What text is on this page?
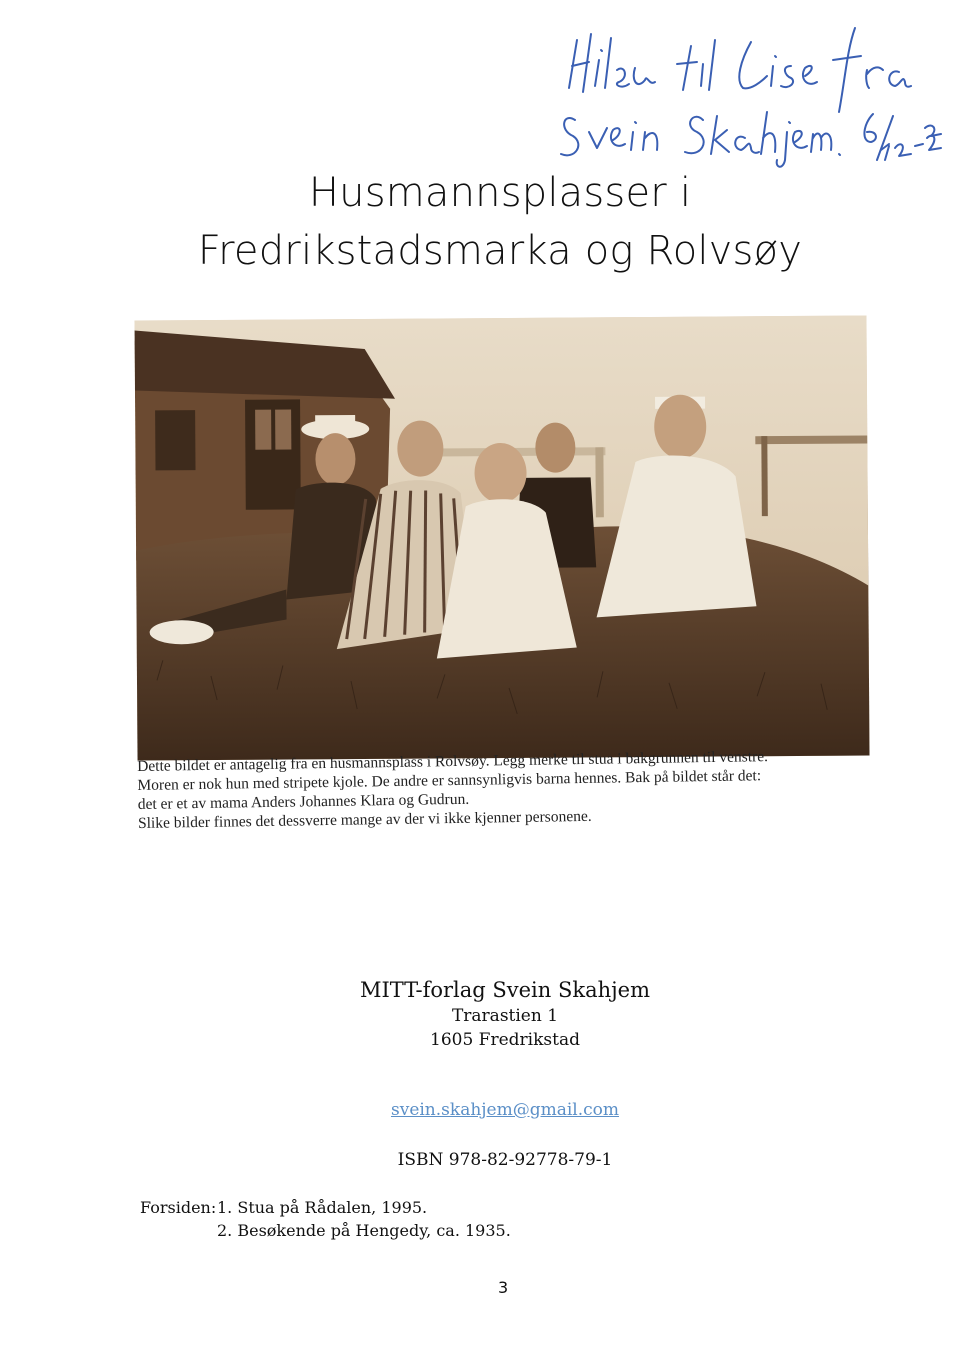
Husmannsplasser i
Fredrikstadsmarka og Rolvsøy
Dette bildet er antagelig fra en husmannsplass i Rolvsøy. Legg merke til stua i bakgrunnen til venstre.
Moren er nok hun med stripete kjole. De andre er sannsynligvis barna hennes. Bak på bildet står det:
det er et av mama Anders Johannes Klara og Gudrun.
Slike bilder finnes det dessverre mange av der vi ikke kjenner personene.
MITT-forlag Svein Skahjem
Trarastien 1
1605 Fredrikstad
svein.skahjem@gmail.com
ISBN 978-82-92778-79-1
Forsiden: 1. Stua på Rådalen, 1995.
2. Besøkende på Hengedy, ca. 1935.
3
